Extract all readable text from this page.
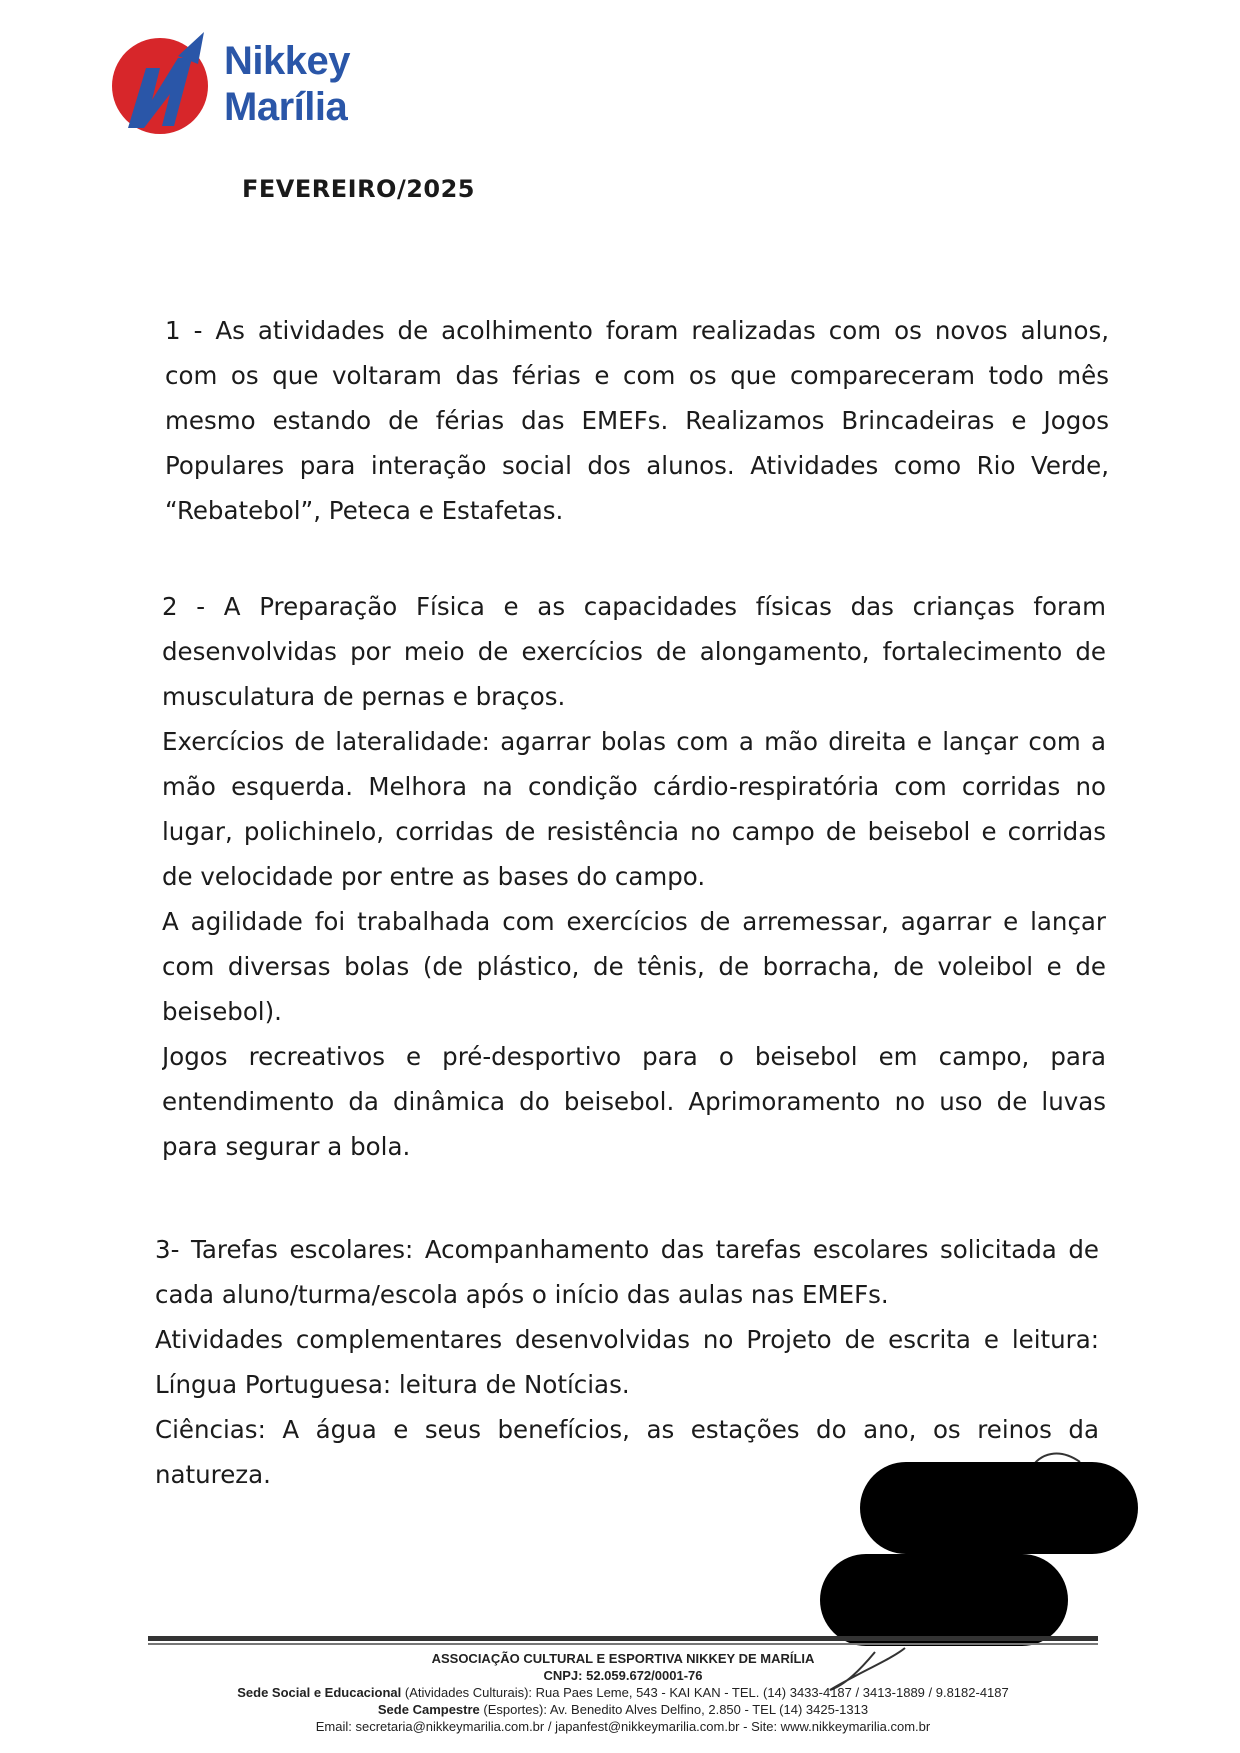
Nikkey
Marília
FEVEREIRO/2025
1 - As atividades de acolhimento foram realizadas com os novos alunos,
com os que voltaram das férias e com os que compareceram todo mês
mesmo estando de férias das EMEFs. Realizamos Brincadeiras e Jogos
Populares para interação social dos alunos. Atividades como Rio Verde,
“Rebatebol”, Peteca e Estafetas.
2 - A Preparação Física e as capacidades físicas das crianças foram
desenvolvidas por meio de exercícios de alongamento, fortalecimento de
musculatura de pernas e braços.
Exercícios de lateralidade: agarrar bolas com a mão direita e lançar com a
mão esquerda. Melhora na condição cárdio-respiratória com corridas no
lugar, polichinelo, corridas de resistência no campo de beisebol e corridas
de velocidade por entre as bases do campo.
A agilidade foi trabalhada com exercícios de arremessar, agarrar e lançar
com diversas bolas (de plástico, de tênis, de borracha, de voleibol e de
beisebol).
Jogos recreativos e pré-desportivo para o beisebol em campo, para
entendimento da dinâmica do beisebol. Aprimoramento no uso de luvas
para segurar a bola.
3- Tarefas escolares: Acompanhamento das tarefas escolares solicitada de
cada aluno/turma/escola após o início das aulas nas EMEFs.
Atividades complementares desenvolvidas no Projeto de escrita e leitura:
Língua Portuguesa: leitura de Notícias.
Ciências: A água e seus benefícios, as estações do ano, os reinos da
natureza.
ASSOCIAÇÃO CULTURAL E ESPORTIVA NIKKEY DE MARÍLIA
CNPJ: 52.059.672/0001-76
Sede Social e Educacional (Atividades Culturais): Rua Paes Leme, 543 - KAI KAN - TEL. (14) 3433-4187 / 3413-1889 / 9.8182-4187
Sede Campestre (Esportes): Av. Benedito Alves Delfino, 2.850 - TEL (14) 3425-1313
Email: secretaria@nikkeymarilia.com.br / japanfest@nikkeymarilia.com.br - Site: www.nikkeymarilia.com.br
